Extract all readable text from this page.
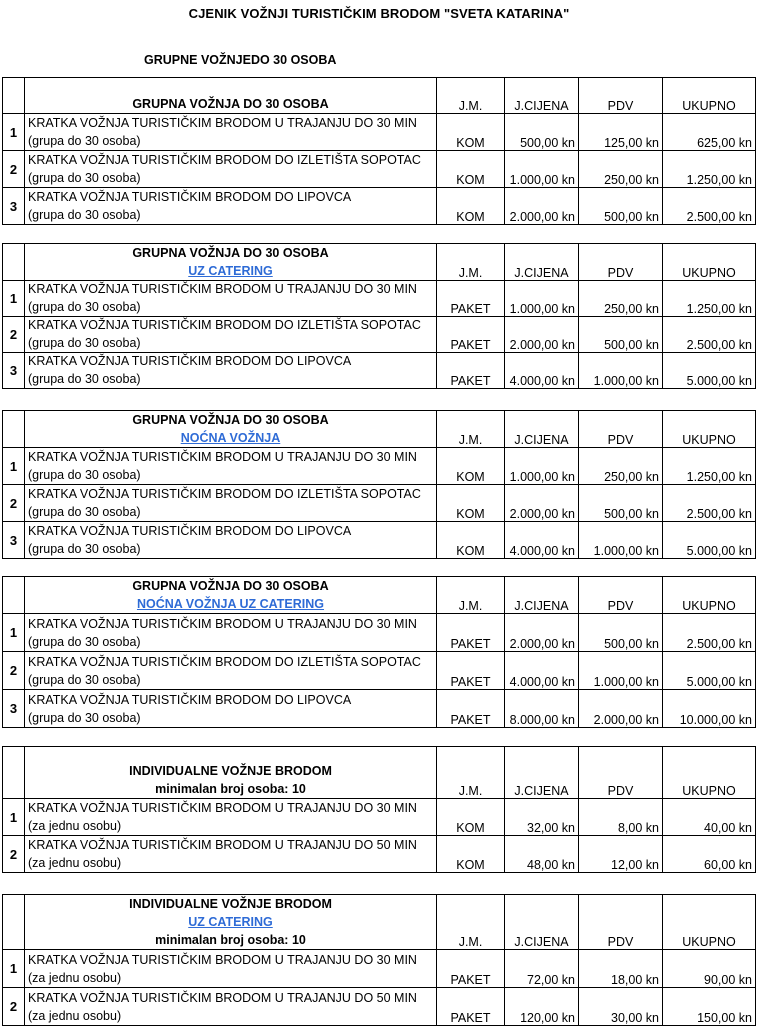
CJENIK VOŽNJI TURISTIČKIM BRODOM "SVETA KATARINA"
GRUPNE VOŽNJEDO 30 OSOBA

	GRUPNA VOŽNJA DO 30 OSOBA	J.M.	J.CIJENA	PDV	UKUPNO
1	KRATKA VOŽNJA TURISTIČKIM BRODOM U TRAJANJU DO 30 MIN
(grupa do 30 osoba)	KOM	500,00 kn	125,00 kn	625,00 kn
2	KRATKA VOŽNJA TURISTIČKIM BRODOM DO IZLETIŠTA SOPOTAC
(grupa do 30 osoba)	KOM	1.000,00 kn	250,00 kn	1.250,00 kn
3	KRATKA VOŽNJA TURISTIČKIM BRODOM DO LIPOVCA
(grupa do 30 osoba)	KOM	2.000,00 kn	500,00 kn	2.500,00 kn

	GRUPNA VOŽNJA DO 30 OSOBA
UZ CATERING	J.M.	J.CIJENA	PDV	UKUPNO
1	KRATKA VOŽNJA TURISTIČKIM BRODOM U TRAJANJU DO 30 MIN
(grupa do 30 osoba)	PAKET	1.000,00 kn	250,00 kn	1.250,00 kn
2	KRATKA VOŽNJA TURISTIČKIM BRODOM DO IZLETIŠTA SOPOTAC
(grupa do 30 osoba)	PAKET	2.000,00 kn	500,00 kn	2.500,00 kn
3	KRATKA VOŽNJA TURISTIČKIM BRODOM DO LIPOVCA
(grupa do 30 osoba)	PAKET	4.000,00 kn	1.000,00 kn	5.000,00 kn

	GRUPNA VOŽNJA DO 30 OSOBA
NOĆNA VOŽNJA	J.M.	J.CIJENA	PDV	UKUPNO
1	KRATKA VOŽNJA TURISTIČKIM BRODOM U TRAJANJU DO 30 MIN
(grupa do 30 osoba)	KOM	1.000,00 kn	250,00 kn	1.250,00 kn
2	KRATKA VOŽNJA TURISTIČKIM BRODOM DO IZLETIŠTA SOPOTAC
(grupa do 30 osoba)	KOM	2.000,00 kn	500,00 kn	2.500,00 kn
3	KRATKA VOŽNJA TURISTIČKIM BRODOM DO LIPOVCA
(grupa do 30 osoba)	KOM	4.000,00 kn	1.000,00 kn	5.000,00 kn

	GRUPNA VOŽNJA DO 30 OSOBA
NOĆNA VOŽNJA UZ CATERING	J.M.	J.CIJENA	PDV	UKUPNO
1	KRATKA VOŽNJA TURISTIČKIM BRODOM U TRAJANJU DO 30 MIN
(grupa do 30 osoba)	PAKET	2.000,00 kn	500,00 kn	2.500,00 kn
2	KRATKA VOŽNJA TURISTIČKIM BRODOM DO IZLETIŠTA SOPOTAC
(grupa do 30 osoba)	PAKET	4.000,00 kn	1.000,00 kn	5.000,00 kn
3	KRATKA VOŽNJA TURISTIČKIM BRODOM DO LIPOVCA
(grupa do 30 osoba)	PAKET	8.000,00 kn	2.000,00 kn	10.000,00 kn

	INDIVIDUALNE VOŽNJE BRODOM
minimalan broj osoba: 10	J.M.	J.CIJENA	PDV	UKUPNO
1	KRATKA VOŽNJA TURISTIČKIM BRODOM U TRAJANJU DO 30 MIN
(za jednu osobu)	KOM	32,00 kn	8,00 kn	40,00 kn
2	KRATKA VOŽNJA TURISTIČKIM BRODOM U TRAJANJU DO 50 MIN
(za jednu osobu)	KOM	48,00 kn	12,00 kn	60,00 kn

	INDIVIDUALNE VOŽNJE BRODOM
UZ CATERING
minimalan broj osoba: 10	J.M.	J.CIJENA	PDV	UKUPNO
1	KRATKA VOŽNJA TURISTIČKIM BRODOM U TRAJANJU DO 30 MIN
(za jednu osobu)	PAKET	72,00 kn	18,00 kn	90,00 kn
2	KRATKA VOŽNJA TURISTIČKIM BRODOM U TRAJANJU DO 50 MIN
(za jednu osobu)	PAKET	120,00 kn	30,00 kn	150,00 kn
